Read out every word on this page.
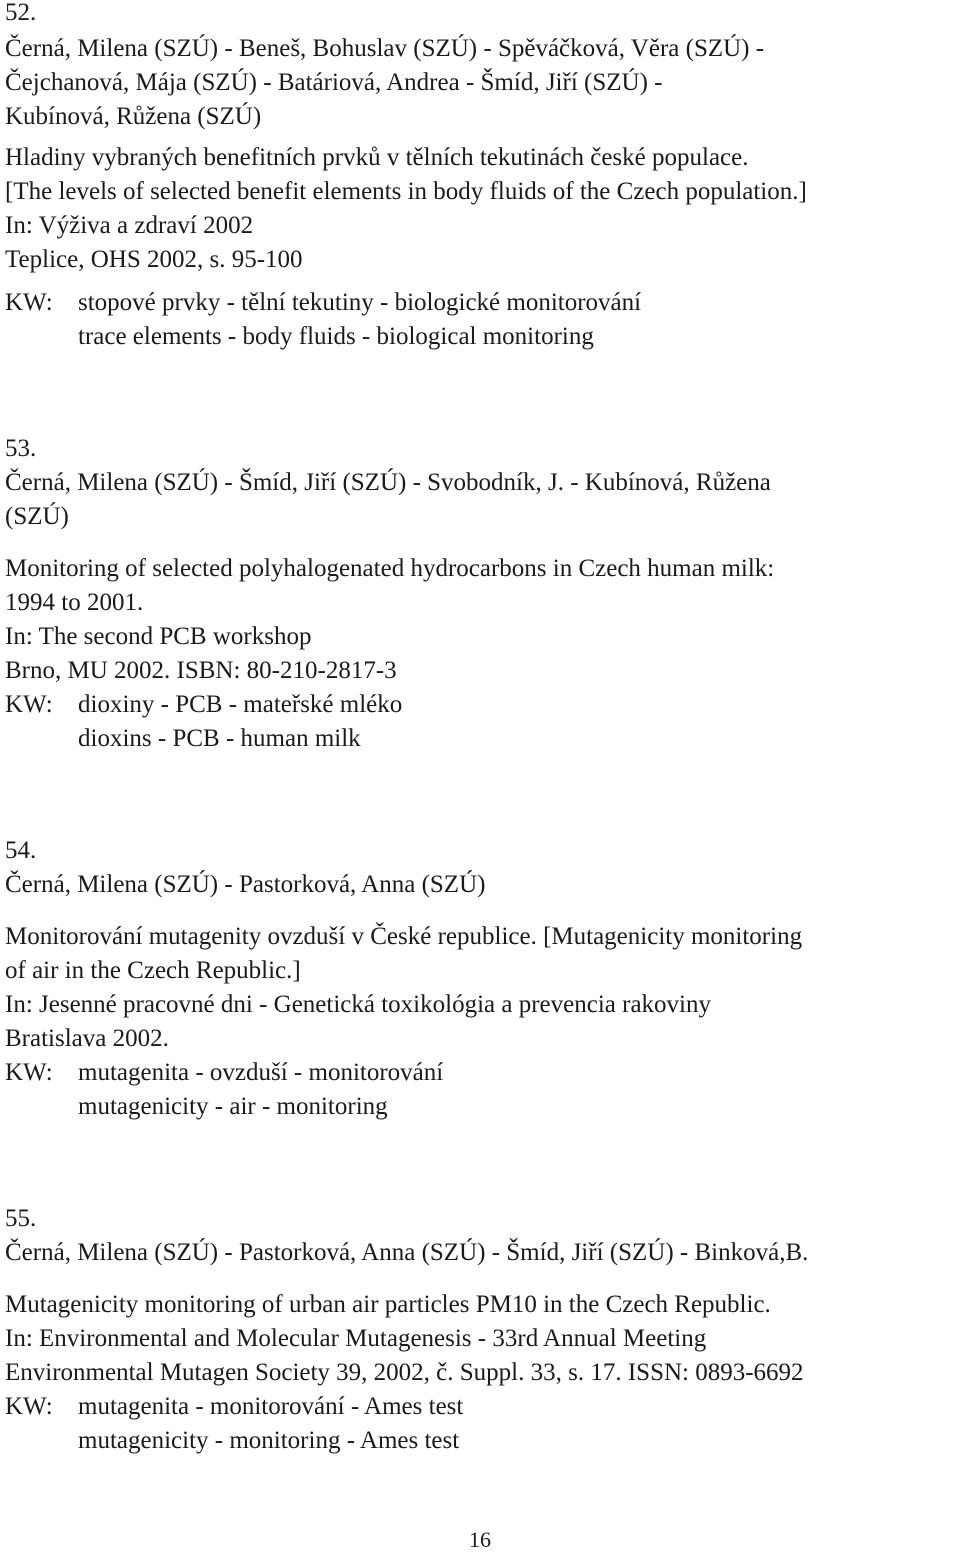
52.
Černá, Milena (SZÚ) - Beneš, Bohuslav (SZÚ) - Spěváčková, Věra (SZÚ) -
Čejchanová, Mája (SZÚ) - Batáriová, Andrea - Šmíd, Jiří (SZÚ) -
Kubínová, Růžena (SZÚ)
Hladiny vybraných benefitních prvků v tělních tekutinách české populace.
[The levels of selected benefit elements in body fluids of the Czech population.]
In: Výživa a zdraví 2002
Teplice, OHS 2002, s. 95-100
KW: stopové prvky - tělní tekutiny - biologické monitorování
trace elements - body fluids - biological monitoring
53.
Černá, Milena (SZÚ) - Šmíd, Jiří (SZÚ) - Svobodník, J. - Kubínová, Růžena
(SZÚ)
Monitoring of selected polyhalogenated hydrocarbons in Czech human milk:
1994 to 2001.
In: The second PCB workshop
Brno, MU 2002. ISBN: 80-210-2817-3
KW: dioxiny - PCB - mateřské mléko
dioxins - PCB - human milk
54.
Černá, Milena (SZÚ) - Pastorková, Anna (SZÚ)
Monitorování mutagenity ovzduší v České republice. [Mutagenicity monitoring
of air in the Czech Republic.]
In: Jesenné pracovné dni - Genetická toxikológia a prevencia rakoviny
Bratislava 2002.
KW: mutagenita - ovzduší - monitorování
mutagenicity - air - monitoring
55.
Černá, Milena (SZÚ) - Pastorková, Anna (SZÚ) - Šmíd, Jiří (SZÚ) - Binková,B.
Mutagenicity monitoring of urban air particles PM10 in the Czech Republic.
In: Environmental and Molecular Mutagenesis - 33rd Annual Meeting
Environmental Mutagen Society 39, 2002, č. Suppl. 33, s. 17. ISSN: 0893-6692
KW: mutagenita - monitorování - Ames test
mutagenicity - monitoring - Ames test
16
